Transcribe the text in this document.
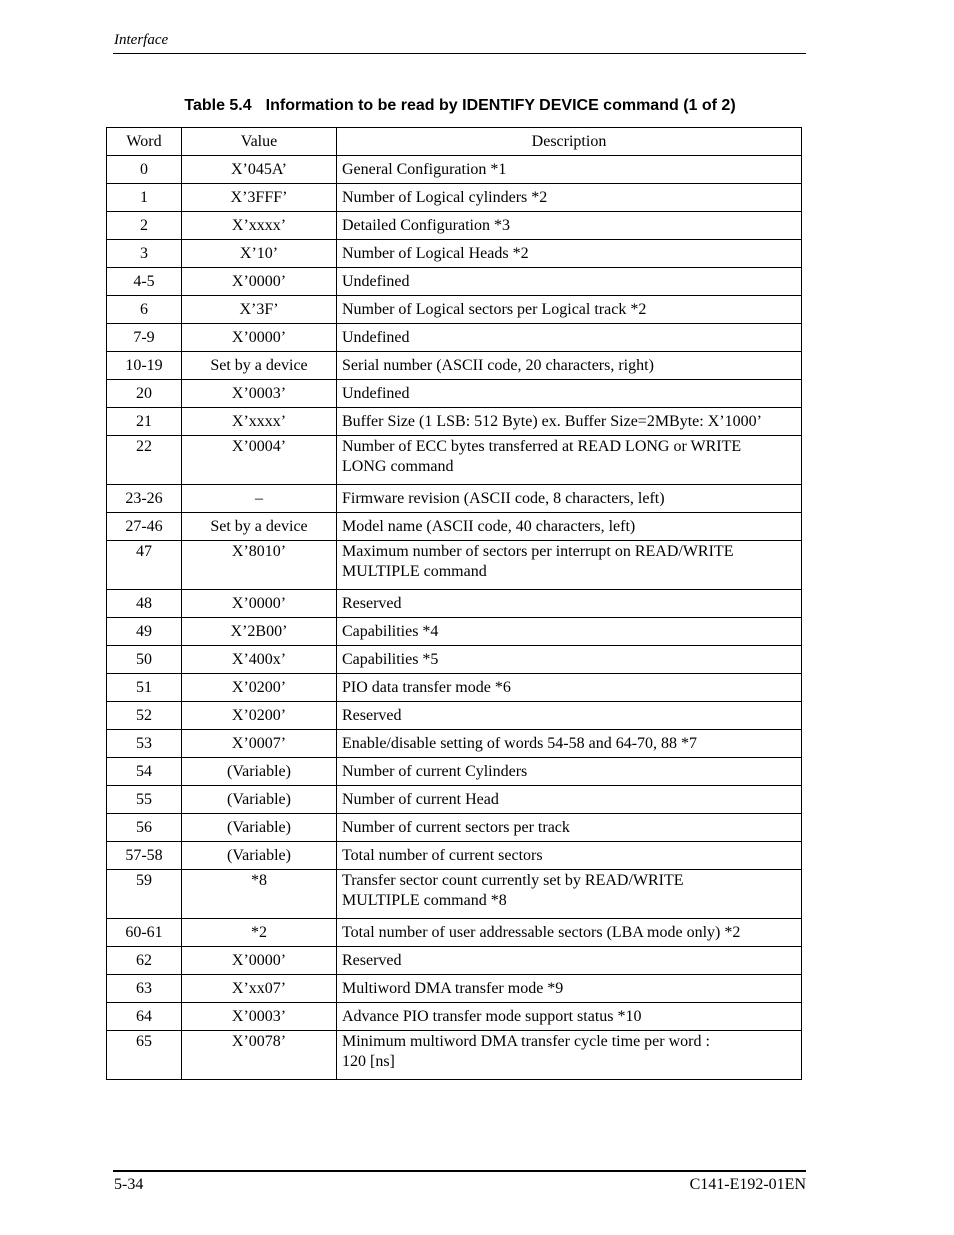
Interface
Table 5.4 Information to be read by IDENTIFY DEVICE command (1 of 2)
Word	Value	Description
0	X’045A’	General Configuration *1

1	X’3FFF’	Number of Logical cylinders *2

2	X’xxxx’	Detailed Configuration *3

3	X’10’	Number of Logical Heads *2

4-5	X’0000’	Undefined

6	X’3F’	Number of Logical sectors per Logical track *2

7-9	X’0000’	Undefined

10-19	Set by a device	Serial number (ASCII code, 20 characters, right)

20	X’0003’	Undefined

21	X’xxxx’	Buffer Size (1 LSB: 512 Byte) ex. Buffer Size=2MByte: X’1000’

22	X’0004’	Number of ECC bytes transferred at READ LONG or WRITE
LONG command

23-26	–	Firmware revision (ASCII code, 8 characters, left)

27-46	Set by a device	Model name (ASCII code, 40 characters, left)

47	X’8010’	Maximum number of sectors per interrupt on READ/WRITE
MULTIPLE command

48	X’0000’	Reserved

49	X’2B00’	Capabilities *4

50	X’400x’	Capabilities *5

51	X’0200’	PIO data transfer mode *6

52	X’0200’	Reserved

53	X’0007’	Enable/disable setting of words 54-58 and 64-70, 88 *7

54	(Variable)	Number of current Cylinders

55	(Variable)	Number of current Head

56	(Variable)	Number of current sectors per track

57-58	(Variable)	Total number of current sectors

59	*8	Transfer sector count currently set by READ/WRITE
MULTIPLE command *8

60-61	*2	Total number of user addressable sectors (LBA mode only) *2

62	X’0000’	Reserved

63	X’xx07’	Multiword DMA transfer mode *9

64	X’0003’	Advance PIO transfer mode support status *10

65	X’0078’	Minimum multiword DMA transfer cycle time per word :
120 [ns]
5-34	C141-E192-01EN
